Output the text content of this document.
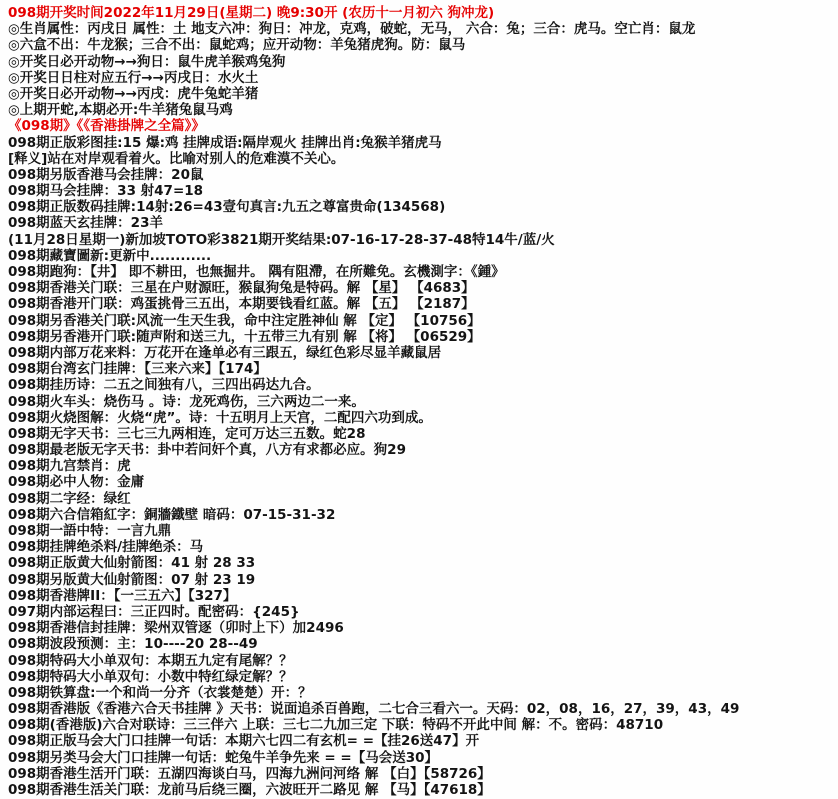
098期开奖时间2022年11月29日(星期二) 晚9:30开 (农历十一月初六 狗冲龙)
◎生肖属性：丙戌日 属性：土 地支六冲：狗日：冲龙，克鸡，破蛇，无马， 六合：兔；三合：虎马。空亡肖：鼠龙
◎六盒不出：牛龙猴；三合不出：鼠蛇鸡；应开动物：羊兔猪虎狗。防：鼠马
◎开奖日必开动物→→狗日：鼠牛虎羊猴鸡兔狗
◎开奖日日柱对应五行→→丙戌日：水火土
◎开奖日必开动物→→丙戌：虎牛兔蛇羊猪
◎上期开蛇,本期必开:牛羊猪兔鼠马鸡
《098期》《《香港掛牌之全篇》》
098期正版彩图挂:15 爆:鸡 挂牌成语:隔岸观火 挂牌出肖:兔猴羊猪虎马
[释义]站在对岸观看着火。比喻对别人的危难漠不关心。
098期另版香港马会挂牌：20鼠
098期马会挂牌：33 射47=18
098期正版数码挂牌:14射:26=43壹句真言:九五之尊富贵命(134568)
098期蓝天玄挂牌：23羊
(11月28日星期一)新加坡TOTO彩3821期开奖结果:07-16-17-28-37-48特14牛/蓝/火
098期藏寶圖新:更新中............
098期跑狗：【井】 即不耕田，也無掘井。 隅有阻滯，在所難免。玄機測字：《鍾》
098期香港关门联：三星在户财源旺，猴鼠狗兔是特码。解 【星】 【4683】
098期香港开门联：鸡蛋挑骨三五出，本期要钱看红蓝。解 【五】 【2187】
098期另香港关门联:风流一生天生我，命中注定胜神仙 解 【定】 【10756】
098期另香港开门联:随声附和送三九，十五带三九有别 解 【将】 【06529】
098期内部万花来料：万花开在逢单必有三跟五，绿红色彩尽显羊藏鼠居
098期台湾玄门挂牌：【三来六来】【174】
098期挂历诗：二五之间独有八，三四出码达九合。
098期火车头：烧伤马 。诗：龙死鸡伤，三六两边二一来。
098期火烧图解：火烧“虎”。诗：十五明月上天宫，二配四六功到成。
098期无字天书：三七三九两相连，定可万达三五数。蛇28
098期最老版无字天书：卦中若问奸个真，八方有求都必应。狗29
098期九宫禁肖：虎
098期必中人物：金庸
098期二字经：绿红
098期六合信箱紅字：銅牆鐵壁 暗码：07-15-31-32
098期一語中特：一言九鼎
098期挂牌绝杀料/挂牌绝杀：马
098期正版黄大仙射箭图：41 射 28 33
098期另版黄大仙射箭图：07 射 23 19
098期香港牌II：【一三五六】【327】
097期内部运程曰：三正四时。配密码：{245}
098期香港信封挂牌：梁州双管逐（卯时上下）加2496
098期波段预测：主：10----20 28--49
098期特码大小单双句：本期五九定有尾解？？
098期特码大小单双句：小数中特红绿定解？？
098期铁算盘:一个和尚一分齐（衣裳楚楚）开：？
098期香港版《香港六合天书挂牌 》天书：说面追杀百兽跑，二七合三看六一。天码：02，08，16，27，39，43，49
098期(香港版)六合对联诗：三三伴六 上联：三七二九加三定 下联：特码不开此中间 解：不。密码：48710
098期正版马会大门口挂牌一句话：本期六七四二有玄机= =【挂26送47】开
098期另类马会大门口挂牌一句话：蛇兔牛羊争先来 = =【马会送30】
098期香港生活开门联：五湖四海谈白马，四海九洲问河络 解 【白】【58726】
098期香港生活关门联：龙前马后绕三圈，六波旺开二路见 解 【马】【47618】
